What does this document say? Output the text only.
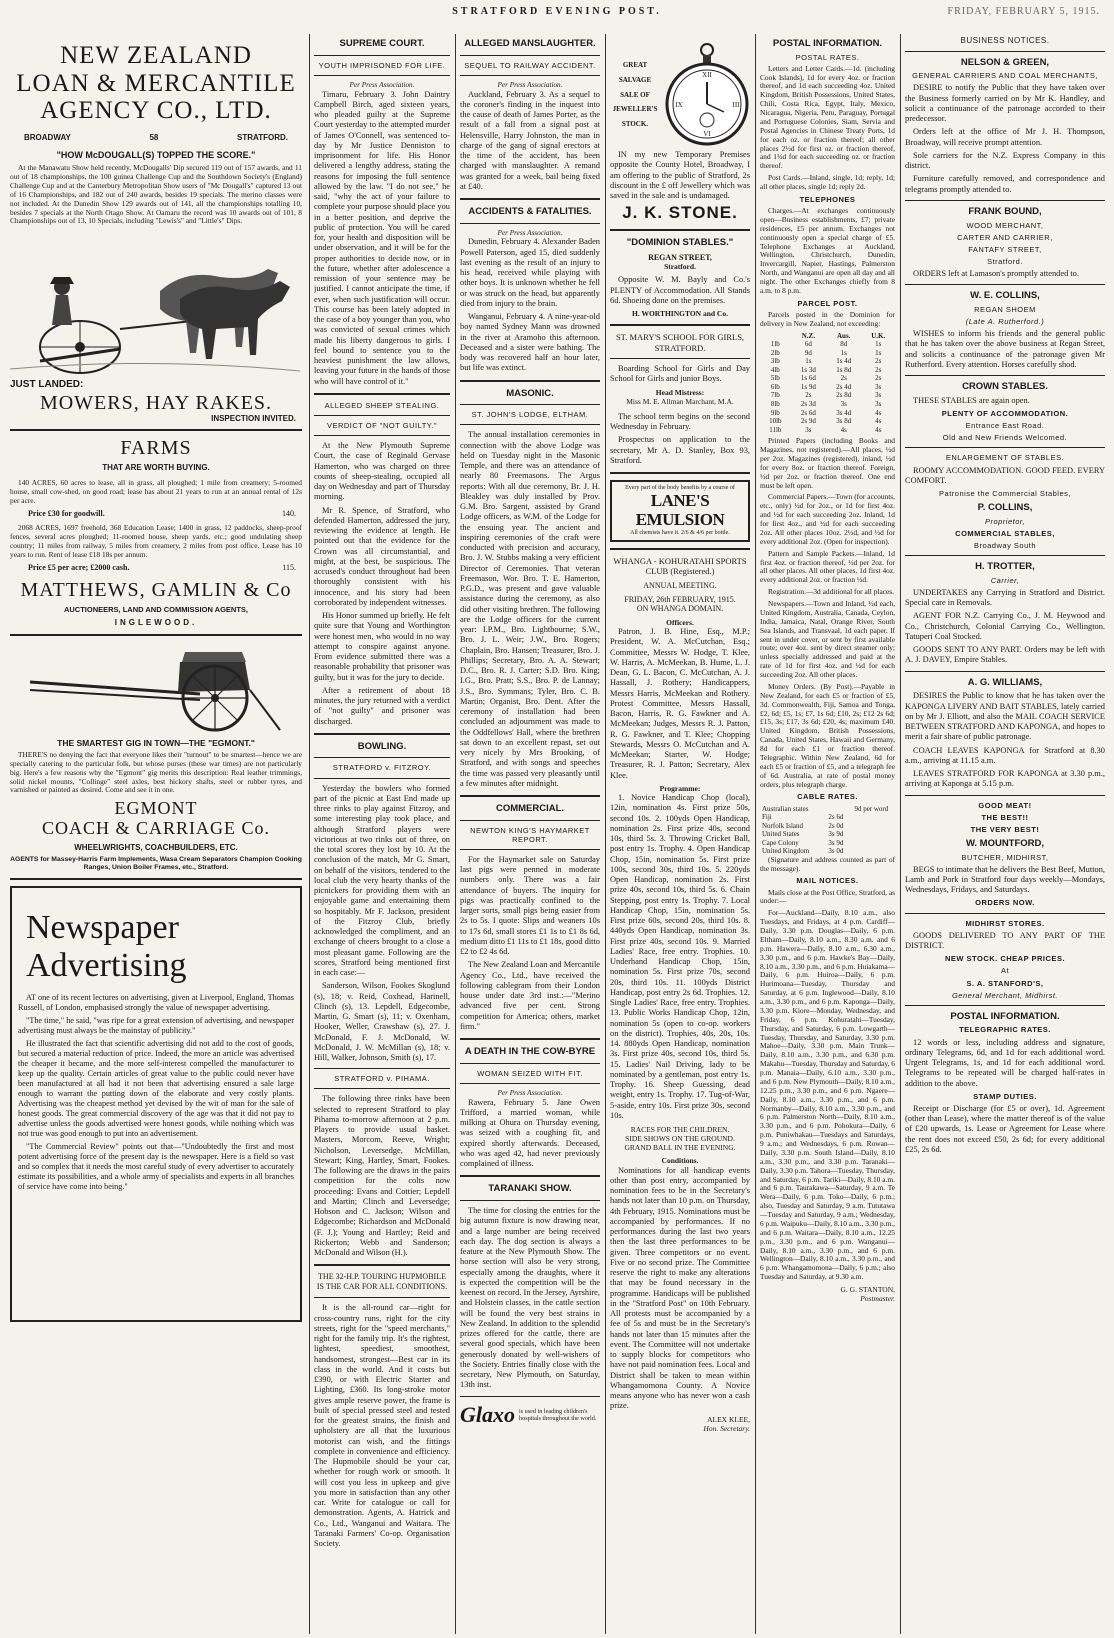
STRATFORD EVENING POST.	FRIDAY, FEBRUARY 5, 1915.
NEW ZEALAND
LOAN & MERCANTILE
AGENCY CO., LTD.
BROADWAY	58	STRATFORD.
"HOW McDOUGALL(S) TOPPED THE SCORE."

At the Manawatu Show held recently, McDougalls' Dip secured 119 out of 157 awards, and 11 out of 18 championships, the 100 guinea Challenge Cup and the Southdown Society's (England) Challenge Cup and at the Canterbury Metropolitan Show users of "Mc Dougall's" captured 13 out of 16 Championships, and 182 out of 240 awards, besides 19 specials. The merino classes were not included. At the Dunedin Show 129 awards out of 141, all the championships totalling 10, besides 7 specials at the North Otago Show. At Oamaru the record was 10 awards out of 101, 8 Championships out of 13, 10 Specials, including "Lewis's" and "Little's" Dips.

JUST LANDED:
MOWERS, HAY RAKES.
INSPECTION INVITED.
FARMS
THAT ARE WORTH BUYING.

140 ACRES, 60 acres to lease, all in grass, all ploughed; 1 mile from creamery; 5-roomed house, small cow-shed, on good road; lease has about 21 years to run at an annual rental of 12s per acre.

Price £30 for goodwill.	140.

2068 ACRES, 1697 freehold, 368 Education Lease; 1400 in grass, 12 paddocks, sheep-proof fences, several acres ploughed; 11-roomed house, sheep yards, etc.; good undulating sheep country; 11 miles from railway, 5 miles from creamery, 2 miles from post office. Lease has 10 years to run. Rent of lease £18 18s per annum.

Price £5 per acre; £2000 cash.	115.
MATTHEWS, GAMLIN & Co
AUCTIONEERS, LAND AND COMMISSION AGENTS,
INGLEWOOD.
THE SMARTEST GIG IN TOWN—THE "EGMONT."

THERE'S no denying the fact that everyone likes their "turnout" to be smartest—hence we are specially catering to the particular folk, but whose purses (these war times) are not particularly big. Here's a few reasons why the "Egmont" gig merits this description: Real leather trimmings, solid nickel mounts, "Collinge" steel axles, best hickory shafts, steel or rubber tyres, and varnished or painted as desired. Come and see it in one.

EGMONT
COACH & CARRIAGE Co.
WHEELWRIGHTS, COACHBUILDERS, ETC.
AGENTS for Massey-Harris Farm Implements, Wasa Cream Separators Champion Cooking Ranges, Union Boiler Frames, etc., Stratford.
Newspaper
Advertising

AT one of its recent lectures on advertising, given at Liverpool, England, Thomas Russell, of London, emphasised strongly the value of newspaper advertising.

"The time," he said, "was ripe for a great extension of advertising, and newspaper advertising must always be the mainstay of publicity."

He illustrated the fact that scientific advertising did not add to the cost of goods, but secured a material reduction of price. Indeed, the more an article was advertised the cheaper it became, and the more self-interest compelled the manufacturer to keep up the quality. Certain articles of great value to the public could never have been manufactured at all had it not been that advertising ensured a sale large enough to warrant the putting down of the elaborate and very costly plants. Advertising was the cheapest method yet devised by the wit of man for the sale of honest goods. The great commercial discovery of the age was that it did not pay to advertise unless the goods advertised were honest goods, while nothing which was not true was good enough to put into an advertisement.

"The Commercial Review" points out that—"Undoubtedly the first and most potent advertising force of the present day is the newspaper. Here is a field so vast and so complex that it needs the most careful study of every advertiser to accurately estimate its possibilities, and a whole army of specialists and experts in all branches of service have come into being."

SUPREME COURT.
YOUTH IMPRISONED FOR LIFE.
Per Press Association.

Timaru, February 3. John Daintry Campbell Birch, aged sixteen years, who pleaded guilty at the Supreme Court yesterday to the attempted murder of James O'Connell, was sentenced to-day by Mr Justice Denniston to imprisonment for life. His Honor delivered a lengthy address, stating the reasons for imposing the full sentence allowed by the law. "I do not see," he said, "why the act of your failure to complete your purpose should place you in a better position, and deprive the public of protection. You will be cared for, your health and disposition will be under observation, and it will be for the proper authorities to decide now, or in the future, whether after adolescence a remission of your sentence may be justified. I cannot anticipate the time, if ever, when such justification will occur. This course has been lately adopted in the case of a boy younger than you, who was convicted of sexual crimes which made his liberty dangerous to girls. I feel bound to sentence you to the heaviest punishment the law allows, leaving your future in the hands of those who will have control of it."

ALLEGED SHEEP STEALING.
VERDICT OF "NOT GUILTY."

At the New Plymouth Supreme Court, the case of Reginald Gervase Hamerton, who was charged on three counts of sheep-stealing, occupied all day on Wednesday and part of Thursday morning.

Mr R. Spence, of Stratford, who defended Hamerton, addressed the jury, reviewing the evidence at length. He pointed out that the evidence for the Crown was all circumstantial, and might, at the best, be suspicious. The accused's conduct throughout had been thoroughly consistent with his innocence, and his story had been corroborated by independent witnesses.

His Honor summed up briefly. He felt quite sure that Young and Worthington were honest men, who would in no way attempt to conspire against anyone. From evidence submitted there was a reasonable probability that prisoner was guilty, but it was for the jury to decide.

After a retirement of about 18 minutes, the jury returned with a verdict of "not guilty" and prisoner was discharged.

BOWLING.
STRATFORD v. FITZROY.

Yesterday the bowlers who formed part of the picnic at East End made up three rinks to play against Fitzroy, and some interesting play took place, and although Stratford players were victorious at two rinks out of three, on the total scores they lost by 10. At the conclusion of the match, Mr G. Smart, on behalf of the visitors, tendered to the local club the very hearty thanks of the picnickers for providing them with an enjoyable game and entertaining them so hospitably. Mr F. Jackson, president of the Fitzroy Club, briefly acknowledged the compliment, and an exchange of cheers brought to a close a most pleasant game. Following are the scores, Stratford being mentioned first in each case:—

Sanderson, Wilson, Fookes Skoglund (s), 18; v. Reid, Coxhead, Harinell, Clinch (s), 13. Lepdell, Edgecombe, Martin, G. Smart (s), 11; v. Oxenham, Hooker, Weller, Crawshaw (s), 27. J. McDonald, F. J. McDonald, W. McDonald, J. W. McMillan (s), 18; v. Hill, Walker, Johnson, Smith (s), 17.

STRATFORD v. PIHAMA.

The following three rinks have been selected to represent Stratford to play Pihama to-morrow afternoon at 2 p.m. Players to provide usual basket. Masters, Morcom, Reeve, Wright; Nicholson, Leversedge, McMillan, Stewart; King, Hartley, Smart, Fookes. The following are the draws in the pairs competition for the colts now proceeding: Evans and Cottier; Lepdell and Martin; Clinch and Leversedge; Hobson and C. Jackson; Wilson and Edgecombe; Richardson and McDonald (F. J.); Young and Hartley; Reid and Rickerton; Webb and Sanderson; McDonald and Wilson (H.).

THE 32-H.P. TOURING HUPMOBILE IS THE CAR FOR ALL CONDITIONS.

It is the all-round car—right for cross-country runs, right for the city streets, right for the "speed merchants," right for the family trip. It's the rightest, lightest, speediest, smoothest, handsomest, strongest—Best car in its class in the world. And it costs but £390, or with Electric Starter and Lighting, £360. Its long-stroke motor gives ample reserve power, the frame is built of special pressed steel and tested for the greatest strains, the finish and upholstery are all that the luxurious motorist can wish, and the fittings complete in convenience and efficiency. The Hupmobile should be your car, whether for rough work or smooth. It will cost you less in upkeep and give you more in satisfaction than any other car. Write for catalogue or call for demonstration. Agents, A. Hatrick and Co., Ltd., Wanganui and Waitara. The Taranaki Farmers' Co-op. Organisation Society.

ALLEGED MANSLAUGHTER.
SEQUEL TO RAILWAY ACCIDENT.
Per Press Association.

Auckland, February 3. As a sequel to the coroner's finding in the inquest into the cause of death of James Porter, as the result of a fall from a signal post at Helensville, Harry Johnston, the man in charge of the gang of signal erectors at the time of the accident, has been charged with manslaughter. A remand was granted for a week, bail being fixed at £40.

ACCIDENTS & FATALITIES.
Per Press Association.

Dunedin, February 4. Alexander Baden Powell Paterson, aged 15, died suddenly last evening as the result of an injury to his head, received while playing with other boys. It is unknown whether he fell or was struck on the head, but apparently died from injury to the brain.

Wanganui, February 4. A nine-year-old boy named Sydney Mann was drowned in the river at Aramoho this afternoon. Deceased and a sister were bathing. The body was recovered half an hour later, but life was extinct.

MASONIC.
ST. JOHN'S LODGE, ELTHAM.

The annual installation ceremonies in connection with the above Lodge was held on Tuesday night in the Masonic Temple, and there was an attendance of nearly 80 Freemasons. The Argus reports: With all due ceremony, Br. J. H. Bleakley was duly installed by Prov. G.M. Bro. Sargent, assisted by Grand Lodge officers, as W.M. of the Lodge for the ensuing year. The ancient and inspiring ceremonies of the craft were conducted with precision and accuracy, Bro. J. W. Stubbs making a very efficient Director of Ceremonies. That veteran Freemason, Wor. Bro. T. E. Hamerton, P.G.D., was present and gave valuable assistance during the ceremony, as also did other visiting brethren. The following are the Lodge officers for the current year: I.P.M., Bro. Lightbourne; S.W., Bro. J. L. Weir; J.W., Bro. Rogers; Chaplain, Bro. Hansen; Treasurer, Bro. J. Phillips; Secretary, Bro. A. A. Stewart; D.C., Bro. R. J. Carter; S.D. Bro. King; I.G., Bro. Pratt; S.S., Bro. P. de Lannay; J.S., Bro. Symmans; Tyler, Bro. C. B. Martin; Organist, Bro. Dent. After the ceremony of installation had been concluded an adjournment was made to the Oddfellows' Hall, where the brethren sat down to an excellent repast, set out very nicely by Mrs Brooking, of Stratford, and with songs and speeches the time was passed very pleasantly until a few minutes after midnight.

COMMERCIAL.
NEWTON KING'S HAYMARKET REPORT.

For the Haymarket sale on Saturday last pigs were penned in moderate numbers only. There was a fair attendance of buyers. The inquiry for pigs was practically confined to the larger sorts, small pigs being easier from 2s to 5s. I quote: Slips and weaners 10s to 17s 6d, small stores £1 1s to £1 8s 6d, medium ditto £1 11s to £1 18s, good ditto £2 to £2 4s 6d.

The New Zealand Loan and Mercantile Agency Co., Ltd., have received the following cablegram from their London house under date 3rd inst.:—"Merino advanced five per cent. Strong competition for America; others, market firm."

A DEATH IN THE COW-BYRE
WOMAN SEIZED WITH FIT.
Per Press Association.

Rawera, February 5. Jane Owen Trifford, a married woman, while milking at Ohura on Thursday evening, was seized with a coughing fit, and expired shortly afterwards. Deceased, who was aged 42, had never previously complained of illness.

TARANAKI SHOW.

The time for closing the entries for the big autumn fixture is now drawing near, and a large number are being received each day. The dog section is always a feature at the New Plymouth Show. The horse section will also be very strong, especially among the draughts, where it is expected the competition will be the keenest on record. In the Jersey, Ayrshire, and Holstein classes, in the cattle section will be found the very best strains in New Zealand. In addition to the splendid prizes offered for the cattle, there are several good specials, which have been generously donated by well-wishers of the Society. Entries finally close with the secretary, New Plymouth, on Saturday, 13th inst.

Glaxo is used in leading children's hospitals throughout the world.
GREAT
SALVAGE
SALE OF
JEWELLER'S
STOCK.
XII
III
VI
IX

IN my new Temporary Premises opposite the County Hotel, Broadway, I am offering to the public of Stratford, 2s discount in the £ off Jewellery which was saved in the sale and is undamaged.

J. K. STONE.
"DOMINION STABLES."
REGAN STREET,
Stratford.

Opposite W. M. Bayly and Co.'s PLENTY of Accommodation. All Stands 6d. Shoeing done on the premises.

H. WORTHINGTON and Co.
ST. MARY'S SCHOOL FOR GIRLS, STRATFORD.

Boarding School for Girls and Day School for Girls and junior Boys.

Head Mistress:
Miss M. E. Allman Marchant, M.A.

The school term begins on the second Wednesday in February.

Prospectus on application to the secretary, Mr A. D. Stanley, Box 93, Stratford.

Every part of the body benefits by a course of
LANE'S EMULSION
All chemists have it. 2/6 & 4/6 per bottle.
WHANGA - KOHURATAHI SPORTS CLUB (Registered.)
ANNUAL MEETING.
FRIDAY, 26th FEBRUARY, 1915.
ON WHANGA DOMAIN.
Officers.

Patron, J. B. Hine, Esq., M.P.; President, W. A. McCutchan, Esq.; Committee, Messrs W. Hodge, T. Klee, W. Harris, A. McMeekan, B. Hume, L. J. Dean, G. L. Bacon, C. McCutchan, A. J. Hassall, J. Rothery; Handicappers, Messrs Harris, McMeekan and Rothery. Protest Committee, Messrs Hassall, Bacon, Harris, R. G. Fawkner and A. McMeekan; Judges, Messrs R. J. Patton, R. G. Fawkner, and T. Klee; Chopping Stewards, Messrs O. McCutchan and A. McMeekan; Starter, W. Hodge; Treasurer, R. J. Patton; Secretary, Alex Klee.

Programme:

1. Novice Handicap Chop (local), 12in, nomination 4s. First prize 50s, second 10s. 2. 100yds Open Handicap, nomination 2s. First prize 40s, second 10s, third 5s. 3. Throwing Cricket Ball, post entry 1s. Trophy. 4. Open Handicap Chop, 15in, nomination 5s. First prize 100s, second 30s, third 10s. 5. 220yds Open Handicap, nomination 2s. First prize 40s, second 10s, third 5s. 6. Chain Stepping, post entry 1s. Trophy. 7. Local Handicap Chop, 15in, nomination 5s. First prize 60s, second 20s, third 10s. 8. 440yds Open Handicap, nomination 3s. First prize 40s, second 10s. 9. Married Ladies' Race, free entry. Trophies. 10. Underhand Handicap Chop, 15in, nomination 5s. First prize 70s, second 20s, third 10s. 11. 100yds District Handicap, post entry 2s 6d. Trophies. 12. Single Ladies' Race, free entry. Trophies. 13. Public Works Handicap Chop, 12in, nomination 5s (open to co-op. workers on the district). Trophies, 40s, 20s, 10s. 14. 880yds Open Handicap, nomination 3s. First prize 40s, second 10s, third 5s. 15. Ladies' Nail Driving, lady to be nominated by a gentleman, post entry 1s. Trophy. 16. Sheep Guessing, dead weight, entry 1s. Trophy. 17. Tug-of-War, 5-aside, entry 10s. First prize 30s, second 10s.

RACES FOR THE CHILDREN.
SIDE SHOWS ON THE GROUND.
GRAND BALL IN THE EVENING.
Conditions.

Nominations for all handicap events other than post entry, accompanied by nomination fees to be in the Secretary's hands not later than 10 p.m. on Thursday, 4th February, 1915. Nominations must be accompanied by performances. If no performances during the last two years then the last three performances to be given. Three competitors or no event. Five or no second prize. The Committee reserve the right to make any alterations that may be found necessary in the programme. Handicaps will be published in the "Stratford Post" on 10th February. All protests must be accompanied by a fee of 5s and must be in the Secretary's hands not later than 15 minutes after the event. The Committee will not undertake to supply blocks for competitors who have not paid nomination fees. Local and District shall be taken to mean within Whangamomona County. A Novice means anyone who has never won a cash prize.

ALEX KLEE,
Hon. Secretary.
POSTAL INFORMATION.
POSTAL RATES.

Letters and Letter Cards.—1d. (including Cook Islands), 1d for every 4oz. or fraction thereof, and 1d each succeeding 4oz. United Kingdom, British Possessions, United States, Chili, Costa Rica, Egypt, Italy, Mexico, Nicaragua, Nigeria, Peru, Paraguay, Portugal and Portuguese Colonies, Siam, Servia and Postal Agencies in Chinese Treaty Ports, 1d for each oz. or fraction thereof; all other places 2½d for first oz. or fraction thereof, and 1½d for each succeeding oz. or fraction thereof.

Post Cards.—Inland, single, 1d; reply, 1d; all other places, single 1d; reply 2d.

TELEPHONES

Charges.—At exchanges continuously open—Business establishments, £7; private residences, £5 per annum. Exchanges not continuously open a special charge of £5. Telephone Exchanges at Auckland, Wellington, Christchurch, Dunedin, Invercargill, Napier, Hastings, Palmerston North, and Wanganui are open all day and all night. The other Exchanges chiefly from 8 a.m. to 8 p.m.

PARCEL POST.

Parcels posted in the Dominion for delivery in New Zealand, not exceeding:

	N.Z.	Aus.	U.K.
1lb	6d	8d	1s
2lb	9d	1s	1s
3lb	1s	1s 4d	2s
4lb	1s 3d	1s 8d	2s
5lb	1s 6d	2s	2s
6lb	1s 9d	2s 4d	3s
7lb	2s	2s 8d	3s
8lb	2s 3d	3s	3s
9lb	2s 6d	3s 4d	4s
10lb	2s 9d	3s 8d	4s
11lb	3s	4s	4s

Printed Papers (including Books and Magazines, not registered).—All places, ½d per 2oz. Magazines (registered), inland, ½d for every 8oz. or fraction thereof. Foreign, ½d per 2oz. or fraction thereof. One end must be left open.

Commercial Papers.—Town (for accounts, etc., only) ½d for 2oz., or 1d for first 4oz. and ½d for each succeeding 2oz. Inland, 1d for first 4oz., and ½d for each succeeding 2oz. All other places 10oz. 2½d, and ½d for every additional 2oz. (Open for inspection).

Pattern and Sample Packets.—Inland, 1d first 4oz. or fraction thereof, ½d per 2oz. for all other places. All other places, 1d first 4oz. every additional 2oz. or fraction ½d.

Registration.—3d additional for all places.

Newspapers.—Town and Inland, ½d each, United Kingdom, Australia, Canada, Ceylon, India, Jamaica, Natal, Orange River, South Sea Islands, and Transvaal, 1d each paper. If sent in under cover, or sent by first available route; over 4oz. sent by direct steamer only; unless specially addressed and paid at the rate of 1d for first 4oz. and ½d for each succeeding 2oz. All other places.

Money Orders. (By Post).—Payable in New Zealand, for each £5 or fraction of £5, 3d. Commonwealth, Fiji, Samoa and Tonga, £2, 6d; £5, 1s; £7, 1s 6d; £10, 2s; £12 2s 6d; £15, 3s; £17, 3s 6d; £20, 4s; maximum £40. United Kingdom, British Possessions, Canada, United States, Hawaii and Germany, 8d for each £1 or fraction thereof. Telegraphic. Within New Zealand, 6d for each £5 or fraction of £5, and a telegraph fee of 6d. Australia, at rate of postal money orders, plus telegraph charge.

CABLE RATES.
Australian states		9d per word
Fiji	2s 6d	
Norfolk Island	2s 0d	
United States	3s 9d	
Cape Colony	3s 9d	
United Kingdom	3s 0d	

(Signature and address counted as part of the message).

MAIL NOTICES.

Mails close at the Post Office, Stratford, as under:—

For—Auckland—Daily, 8.10 a.m., also Tuesdays, and Fridays, at 4 p.m. Cardiff—Daily, 3.30 p.m. Douglas—Daily, 6 p.m. Eltham—Daily, 8.10 a.m., 8.30 a.m. and 6 p.m. Hawera—Daily, 8.10 a.m., 6.30 a.m., 3.30 p.m., and 6 p.m. Hawke's Bay—Daily, 8.10 a.m., 3.30 p.m., and 6 p.m. Huiakama—Daily, 6 p.m. Huiroa—Daily, 6 p.m. Hurimoana—Tuesday, Thursday and Saturday, at 6 p.m. Inglewood—Daily, 8.10 a.m., 3.30 p.m., and 6 p.m. Kaponga—Daily, 3.30 p.m. Kiore—Monday, Wednesday, and Friday, 6 p.m. Kohuratahi—Tuesday, Thursday, and Saturday, 6 p.m. Lowgarth—Tuesday, Thursday, and Saturday, 3.30 p.m. Mahoe—Daily, 3.30 p.m. Main Trunk—Daily, 8.10 a.m., 3.30 p.m., and 6.30 p.m. Makahu—Tuesday, Thursday and Saturday, 6 p.m. Manaia—Daily, 6.10 a.m., 3.30 p.m., and 6 p.m. New Plymouth—Daily, 8.10 a.m., 12.25 p.m., 3.30 p.m., and 6 p.m. Ngaere—Daily, 8.10 a.m., 3.30 p.m., and 6 p.m. Normanby—Daily, 8.10 a.m., 3.30 p.m., and 6 p.m. Palmerston North—Daily, 8.10 a.m., 3.30 p.m., and 6 p.m. Pohokura—Daily, 6 p.m. Puniwhakau—Tuesdays and Saturdays, 9 a.m.; and Wednesdays, 6 p.m. Rowan—Daily, 3.30 p.m. South Island—Daily, 8.10 a.m., 3.30 p.m., and 3.30 p.m. Taranaki—Daily, 3.30 p.m. Tahora—Tuesday, Thursday, and Saturday, 6 p.m. Tariki—Daily, 8.10 a.m. and 6 p.m. Taurakawa—Saturday, 9 a.m. Te Wera—Daily, 6 p.m. Toko—Daily, 6 p.m.; also, Tuesday and Saturday, 9 a.m. Tututawa—Tuesday and Saturday, 9 a.m.; Wednesday, 6 p.m. Waipuku—Daily, 8.10 a.m., 3.30 p.m., and 6 p.m. Waitara—Daily, 8.10 a.m., 12.25 p.m., 3.30 p.m., and 6 p.m. Wanganui—Daily, 8.10 a.m., 3.30 p.m., and 6 p.m. Wellington—Daily, 8.10 a.m., 3.30 p.m., and 6 p.m. Whangamomona—Daily, 6 p.m.; also Tuesday and Saturday, at 9.30 a.m.

G. G. STANTON,
Postmaster.
BUSINESS NOTICES.
NELSON & GREEN,
GENERAL CARRIERS AND COAL MERCHANTS,

DESIRE to notify the Public that they have taken over the Business formerly carried on by Mr K. Handley, and solicit a continuance of the patronage accorded to their predecessor.

Orders left at the office of Mr J. H. Thompson, Broadway, will receive prompt attention.

Sole carriers for the N.Z. Express Company in this district.

Furniture carefully removed, and correspondence and telegrams promptly attended to.

FRANK BOUND,
WOOD MERCHANT,
CARTER AND CARRIER,
FANTAFY STREET,
Stratford.

ORDERS left at Lamason's promptly attended to.

W. E. COLLINS,
REGAN SHOEM
(Late A. Rutherford.)

WISHES to inform his friends and the general public that he has taken over the above business at Regan Street, and solicits a continuance of the patronage given Mr Rutherford. Every attention. Horses carefully shod.

CROWN STABLES.

THESE STABLES are again open.

PLENTY OF ACCOMMODATION.
Entrance East Road.
Old and New Friends Welcomed.
ENLARGEMENT OF STABLES.

ROOMY ACCOMMODATION. GOOD FEED. EVERY COMFORT.

Patronise the Commercial Stables,
P. COLLINS,
Proprietor,
COMMERCIAL STABLES,
Broadway South
H. TROTTER,
Carrier,

UNDERTAKES any Carrying in Stratford and District. Special care in Removals.

AGENT FOR N.Z. Carrying Co., J. M. Heywood and Co., Christchurch, Colonial Carrying Co., Wellington. Tatuperi Coal Stocked.

GOODS SENT TO ANY PART. Orders may be left with A. J. DAVEY, Empire Stables.

A. G. WILLIAMS,

DESIRES the Public to know that he has taken over the KAPONGA LIVERY AND BAIT STABLES, lately carried on by Mr J. Elliott, and also the MAIL COACH SERVICE BETWEEN STRATFORD AND KAPONGA, and hopes to merit a fair share of public patronage.

COACH LEAVES KAPONGA for Stratford at 8.30 a.m., arriving at 11.15 a.m.

LEAVES STRATFORD FOR KAPONGA at 3.30 p.m., arriving at Kaponga at 5.15 p.m.

GOOD MEAT!
THE BEST!!
THE VERY BEST!
W. MOUNTFORD,
BUTCHER, MIDHIRST,

BEGS to intimate that he delivers the Best Beef, Mutton, Lamb and Pork in Stratford four days weekly—Mondays, Wednesdays, Fridays, and Saturdays.

ORDERS NOW.
MIDHIRST STORES.

GOODS DELIVERED TO ANY PART OF THE DISTRICT.

NEW STOCK. CHEAP PRICES.
At
S. A. STANFORD'S,
General Merchant, Midhirst.
POSTAL INFORMATION.
TELEGRAPHIC RATES.

12 words or less, including address and signature, ordinary Telegrams, 6d, and 1d for each additional word. Urgent Telegrams, 1s, and 1d for each additional word. Telegrams to be repeated will be charged half-rates in addition to the above.

STAMP DUTIES.

Receipt or Discharge (for £5 or over), 1d. Agreement (other than Lease), where the matter thereof is of the value of £20 upwards, 1s. Lease or Agreement for Lease where the rent does not exceed £50, 2s 6d; for every additional £25, 2s 6d.
